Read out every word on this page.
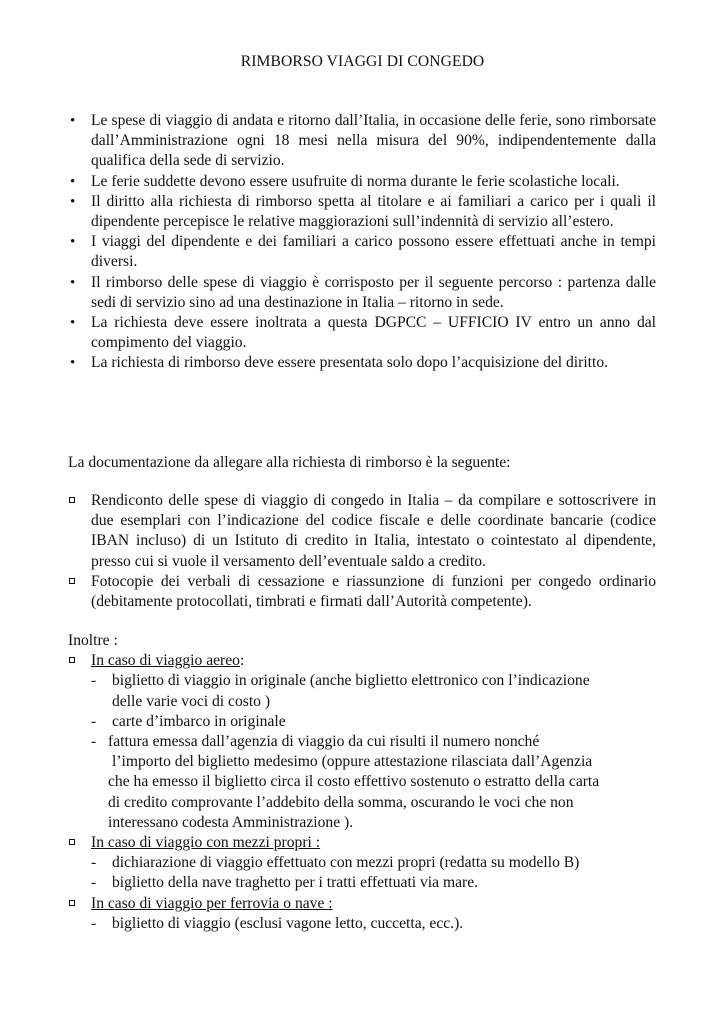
RIMBORSO VIAGGI DI CONGEDO
• Le spese di viaggio di andata e ritorno dall’Italia, in occasione delle ferie, sono rimborsate dall’Amministrazione ogni 18 mesi nella misura del 90%, indipendentemente dalla qualifica della sede di servizio.
• Le ferie suddette devono essere usufruite di norma durante le ferie scolastiche locali.
• Il diritto alla richiesta di rimborso spetta al titolare e ai familiari a carico per i quali il dipendente percepisce le relative maggiorazioni sull’indennità di servizio all’estero.
• I viaggi del dipendente e dei familiari a carico possono essere effettuati anche in tempi diversi.
• Il rimborso delle spese di viaggio è corrisposto per il seguente percorso : partenza dalle sedi di servizio sino ad una destinazione in Italia – ritorno in sede.
• La richiesta deve essere inoltrata a questa DGPCC – UFFICIO IV entro un anno dal compimento del viaggio.
• La richiesta di rimborso deve essere presentata solo dopo l’acquisizione del diritto.
La documentazione da allegare alla richiesta di rimborso è la seguente:
Rendiconto delle spese di viaggio di congedo in Italia – da compilare e sottoscrivere in due esemplari con l’indicazione del codice fiscale e delle coordinate bancarie (codice IBAN incluso) di un Istituto di credito in Italia, intestato o cointestato al dipendente, presso cui si vuole il versamento dell’eventuale saldo a credito.
Fotocopie dei verbali di cessazione e riassunzione di funzioni per congedo ordinario (debitamente protocollati, timbrati e firmati dall’Autorità competente).
Inoltre :
In caso di viaggio aereo:
- biglietto di viaggio in originale (anche biglietto elettronico con l’indicazione
delle varie voci di costo )
- carte d’imbarco in originale
- fattura emessa dall’agenzia di viaggio da cui risulti il numero nonché
l’importo del biglietto medesimo (oppure attestazione rilasciata dall’Agenzia
che ha emesso il biglietto circa il costo effettivo sostenuto o estratto della carta
di credito comprovante l’addebito della somma, oscurando le voci che non
interessano codesta Amministrazione ).
In caso di viaggio con mezzi propri :
- dichiarazione di viaggio effettuato con mezzi propri (redatta su modello B)
- biglietto della nave traghetto per i tratti effettuati via mare.
In caso di viaggio per ferrovia o nave :
- biglietto di viaggio (esclusi vagone letto, cuccetta, ecc.).
